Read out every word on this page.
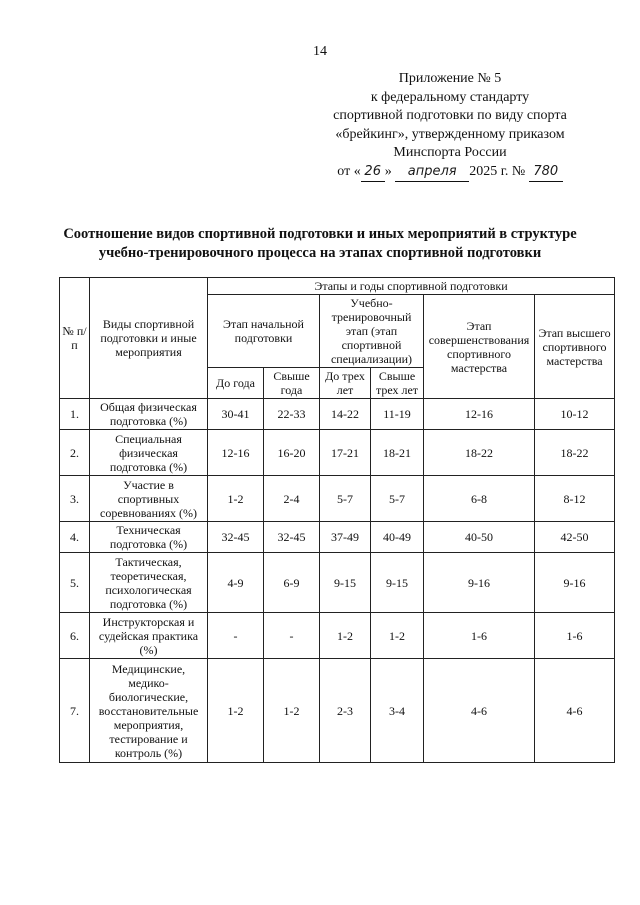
14
Приложение № 5
к федеральному стандарту
спортивной подготовки по виду спорта
«брейкинг», утвержденному приказом
Минспорта России
от « 26 » апреля 2025 г. № 780
Соотношение видов спортивной подготовки и иных мероприятий в структуре
учебно-тренировочного процесса на этапах спортивной подготовки
№ п/п	Виды спортивной подготовки и иные мероприятия	Этапы и годы спортивной подготовки					
		Этап начальной подготовки		Учебно-тренировочный этап (этап спортивной специализации)		Этап совершенствования спортивного мастерства	Этап высшего спортивного мастерства
		До года	Свыше года	До трех лет	Свыше трех лет		
1.	Общая физическая подготовка (%)	30-41	22-33	14-22	11-19	12-16	10-12
2.	Специальная физическая подготовка (%)	12-16	16-20	17-21	18-21	18-22	18-22
3.	Участие в спортивных соревнованиях (%)	1-2	2-4	5-7	5-7	6-8	8-12
4.	Техническая подготовка (%)	32-45	32-45	37-49	40-49	40-50	42-50
5.	Тактическая, теоретическая, психологическая подготовка (%)	4-9	6-9	9-15	9-15	9-16	9-16
6.	Инструкторская и судейская практика (%)	-	-	1-2	1-2	1-6	1-6
7.	Медицинские, медико-биологические, восстановительные мероприятия, тестирование и контроль (%)	1-2	1-2	2-3	3-4	4-6	4-6
